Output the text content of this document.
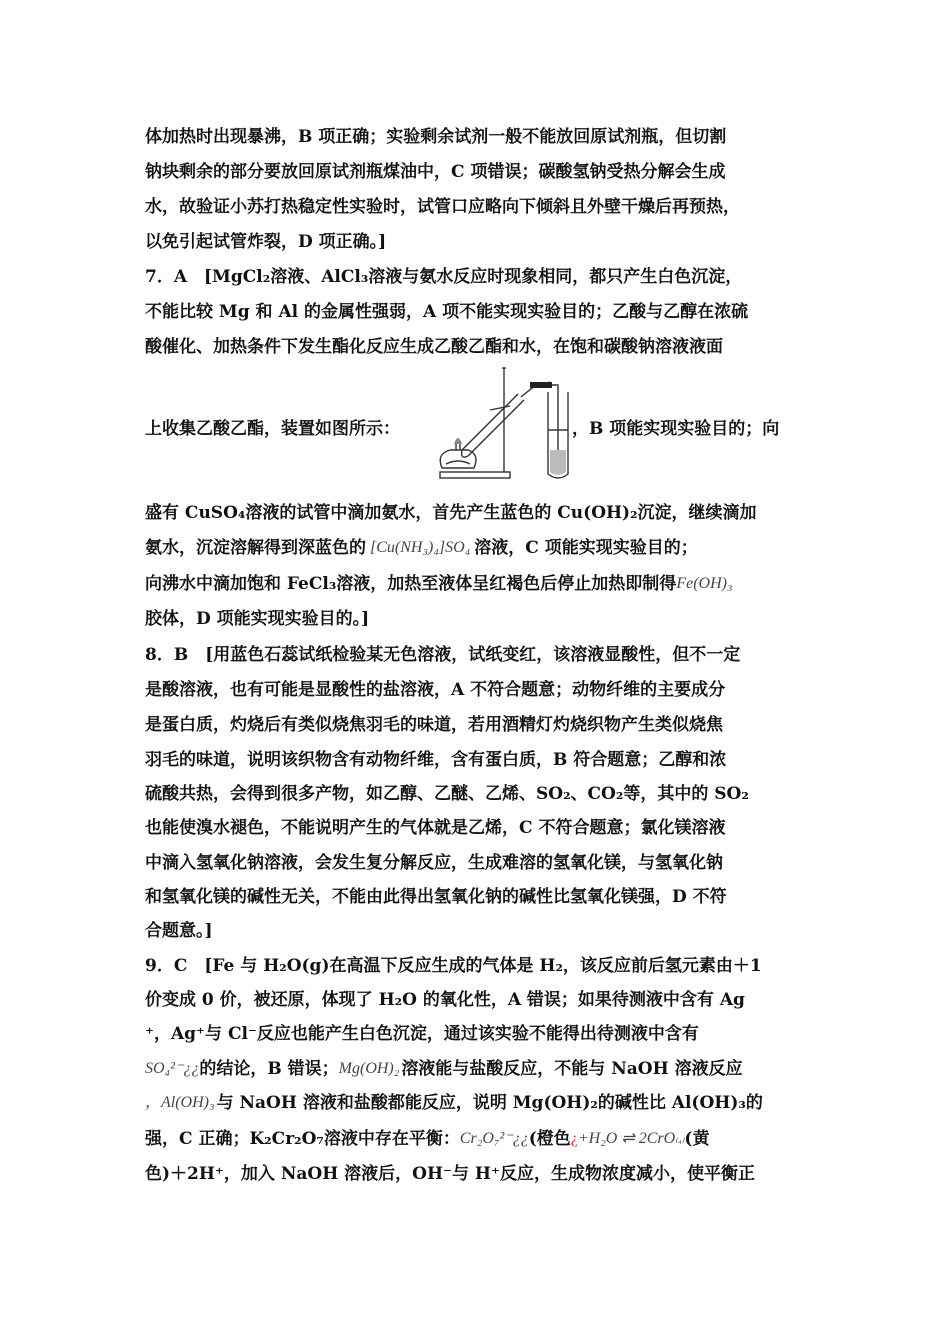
体加热时出现暴沸，B 项正确；实验剩余试剂一般不能放回原试剂瓶，但切割
钠块剩余的部分要放回原试剂瓶煤油中，C 项错误；碳酸氢钠受热分解会生成
水，故验证小苏打热稳定性实验时，试管口应略向下倾斜且外壁干燥后再预热，
以免引起试管炸裂，D 项正确。]
7．A　[MgCl₂溶液、AlCl₃溶液与氨水反应时现象相同，都只产生白色沉淀，
不能比较 Mg 和 Al 的金属性强弱，A 项不能实现实验目的；乙酸与乙醇在浓硫
酸催化、加热条件下发生酯化反应生成乙酸乙酯和水，在饱和碳酸钠溶液液面
上收集乙酸乙酯，装置如图所示：	，B 项能实现实验目的；向
盛有 CuSO₄溶液的试管中滴加氨水，首先产生蓝色的 Cu(OH)₂沉淀，继续滴加
氨水，沉淀溶解得到深蓝色的 [Cu(NH₃)₄]SO₄ 溶液，C 项能实现实验目的；
向沸水中滴加饱和 FeCl₃溶液，加热至液体呈红褐色后停止加热即制得 Fe(OH)₃
胶体，D 项能实现实验目的。]
8．B　[用蓝色石蕊试纸检验某无色溶液，试纸变红，该溶液显酸性，但不一定
是酸溶液，也有可能是显酸性的盐溶液，A 不符合题意；动物纤维的主要成分
是蛋白质，灼烧后有类似烧焦羽毛的味道，若用酒精灯灼烧织物产生类似烧焦
羽毛的味道，说明该织物含有动物纤维，含有蛋白质，B 符合题意；乙醇和浓
硫酸共热，会得到很多产物，如乙醇、乙醚、乙烯、SO₂、CO₂等，其中的 SO₂
也能使溴水褪色，不能说明产生的气体就是乙烯，C 不符合题意；氯化镁溶液
中滴入氢氧化钠溶液，会发生复分解反应，生成难溶的氢氧化镁，与氢氧化钠
和氢氧化镁的碱性无关，不能由此得出氢氧化钠的碱性比氢氧化镁强，D 不符
合题意。]
9．C　[Fe 与 H₂O(g)在高温下反应生成的气体是 H₂，该反应前后氢元素由＋1
价变成 0 价，被还原，体现了 H₂O 的氧化性，A 错误；如果待测液中含有 Ag
⁺，Ag⁺与 Cl⁻反应也能产生白色沉淀，通过该实验不能得出待测液中含有
SO₄²⁻¿¿ 的结论，B 错误； Mg(OH)₂ 溶液能与盐酸反应，不能与 NaOH 溶液反应
，Al(OH)₃ 与 NaOH 溶液和盐酸都能反应，说明 Mg(OH)₂的碱性比 Al(OH)₃的
强，C 正确；K₂Cr₂O₇溶液中存在平衡： Cr₂O₇²⁻¿¿ (橙色 ¿ +H₂O ⇌ 2CrO ₍₄₎ (黄
色)＋2H⁺，加入 NaOH 溶液后，OH⁻与 H⁺反应，生成物浓度减小，使平衡正
